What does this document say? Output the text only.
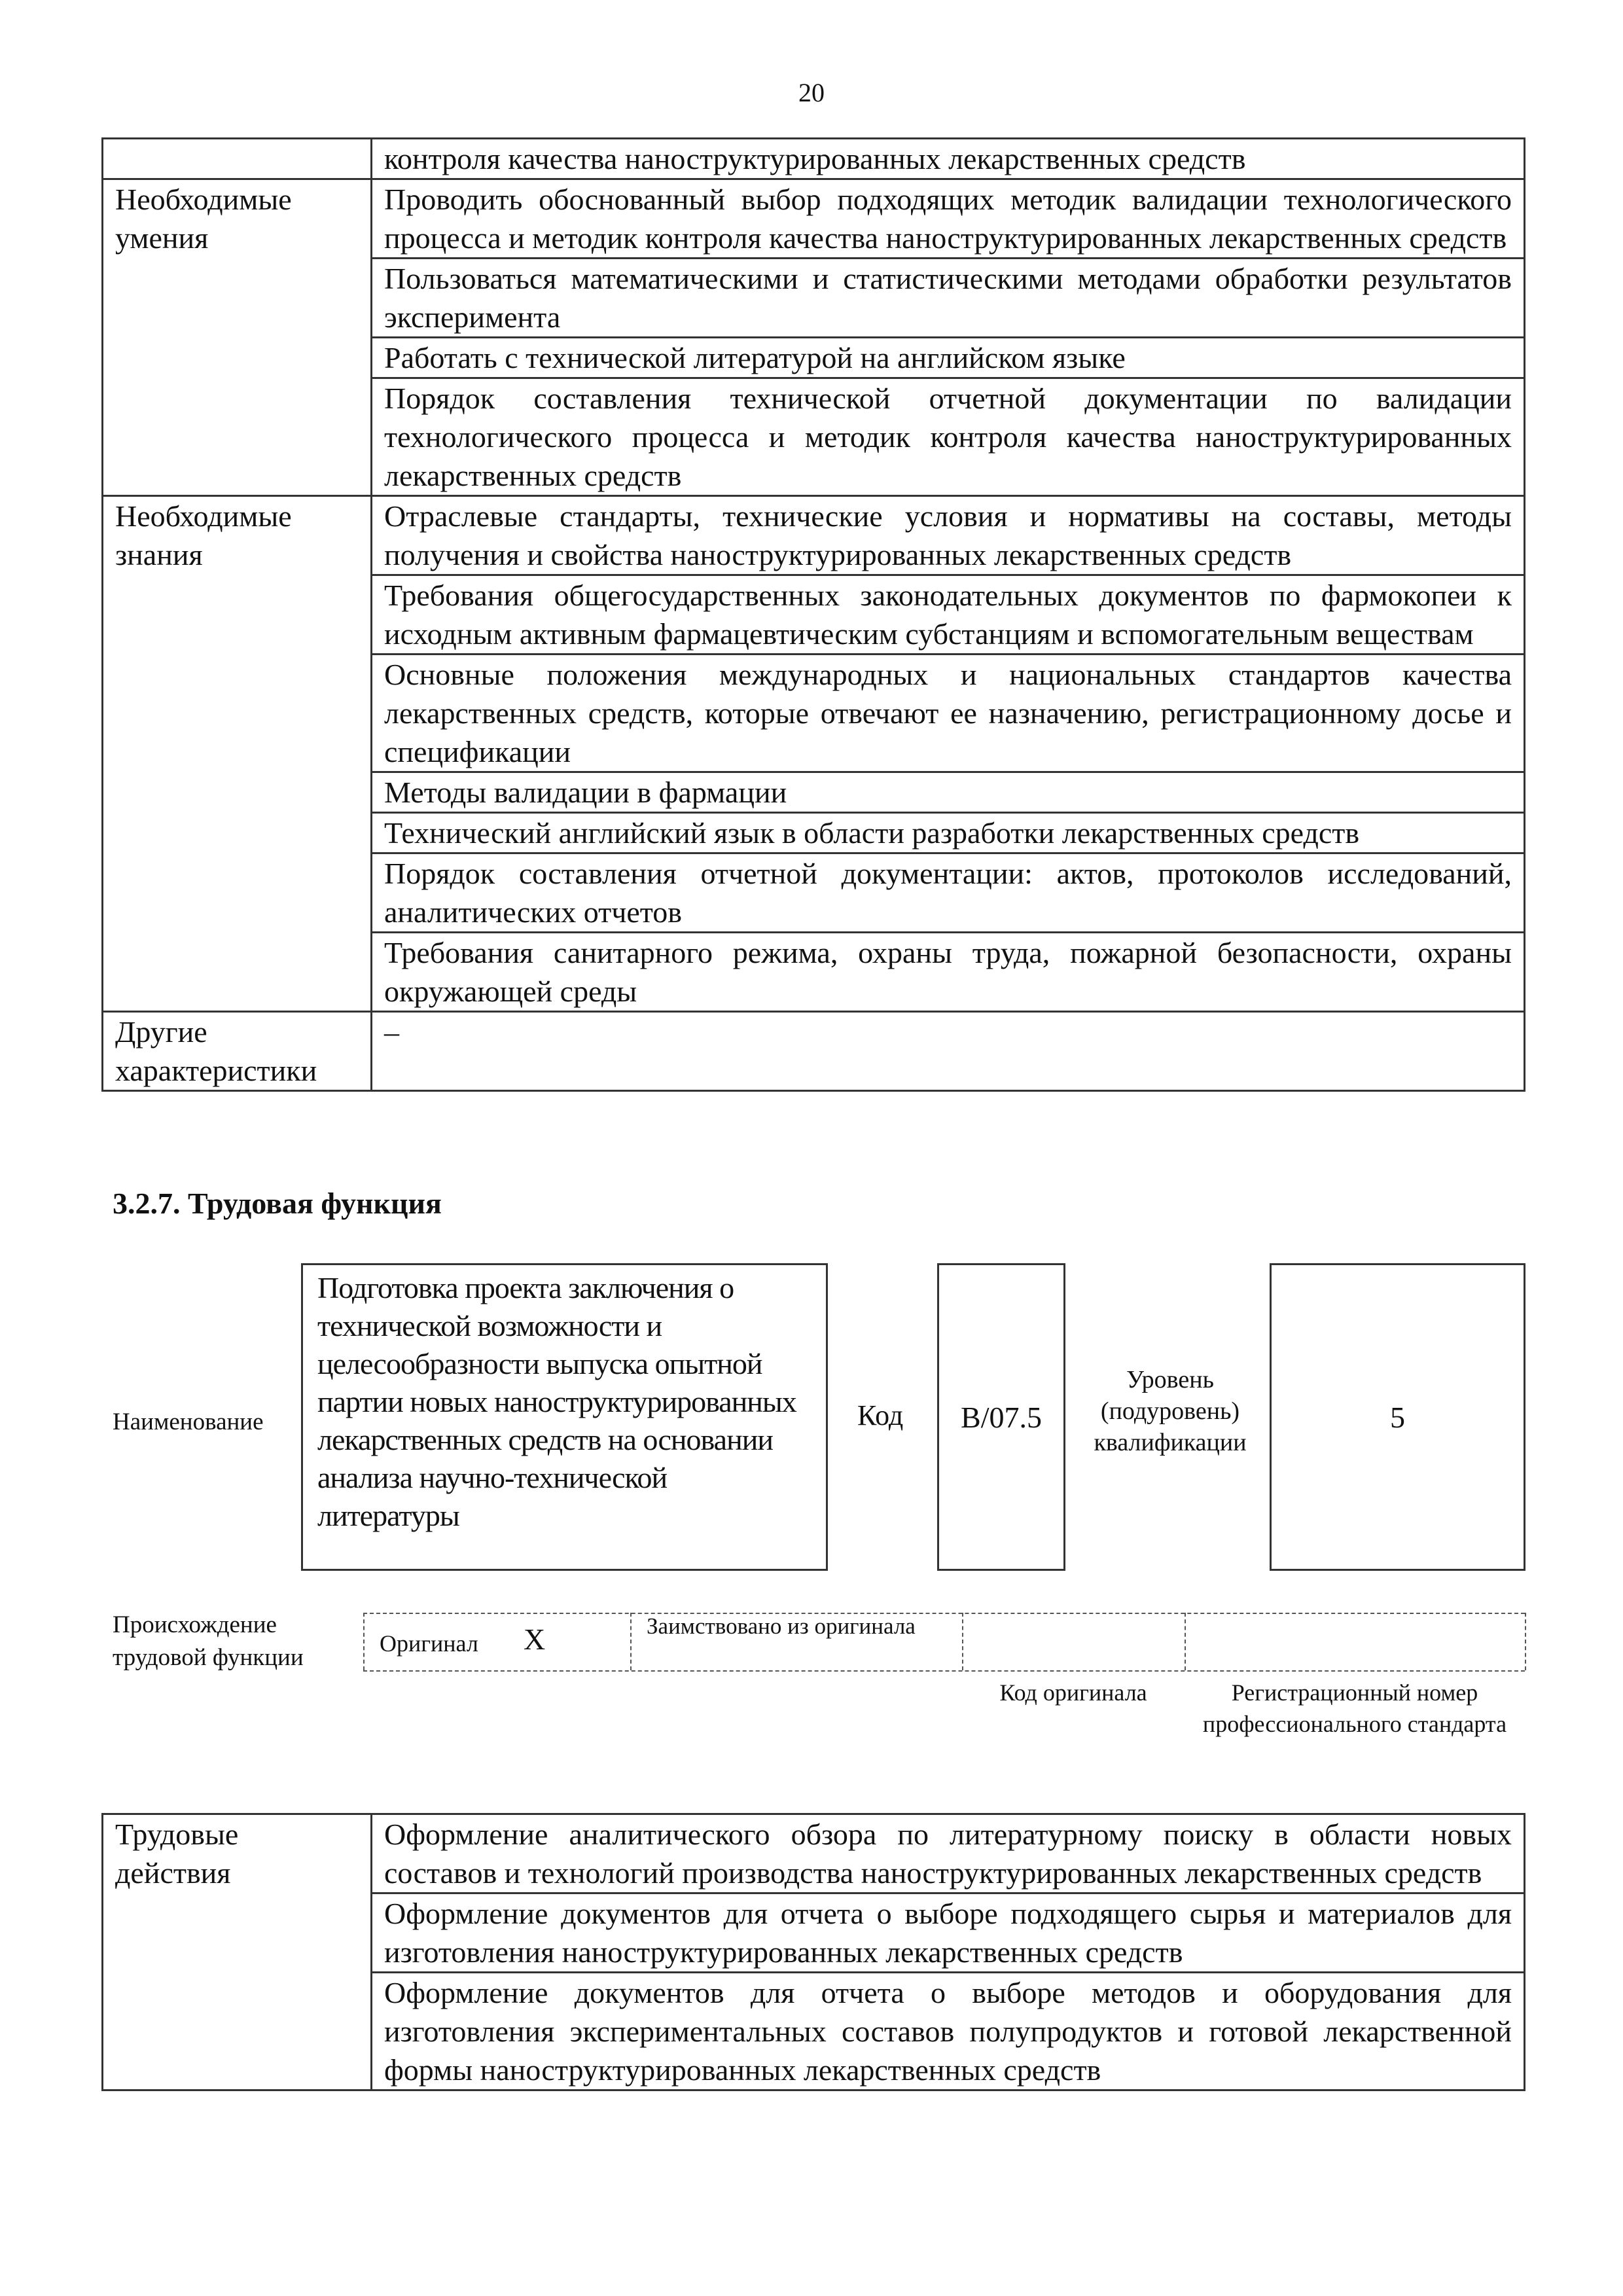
20
	контроля качества наноструктурированных лекарственных средств
Необходимые умения	Проводить обоснованный выбор подходящих методик валидации технологического процесса и методик контроля качества наноструктурированных лекарственных средств
	Пользоваться математическими и статистическими методами обработки результатов эксперимента
	Работать с технической литературой на английском языке
	Порядок составления технической отчетной документации по валидации технологического процесса и методик контроля качества наноструктурированных лекарственных средств
Необходимые знания	Отраслевые стандарты, технические условия и нормативы на составы, методы получения и свойства наноструктурированных лекарственных средств
	Требования общегосударственных законодательных документов по фармокопеи к исходным активным фармацевтическим субстанциям и вспомогательным веществам
	Основные положения международных и национальных стандартов качества лекарственных средств, которые отвечают ее назначению, регистрационному досье и спецификации
	Методы валидации в фармации
	Технический английский язык в области разработки лекарственных средств
	Порядок составления отчетной документации: актов, протоколов исследований, аналитических отчетов
	Требования санитарного режима, охраны труда, пожарной безопасности, охраны окружающей среды
Другие характеристики	–
3.2.7. Трудовая функция
Наименование
Подготовка проекта заключения о технической возможности и целесообразности выпуска опытной партии новых наноструктурированных лекарственных средств на основании анализа научно-технической литературы
Код	B/07.5
Уровень (подуровень) квалификации
5
Происхождение трудовой функции
Оригинал X	Заимствовано из оригинала
Код оригинала	Регистрационный номер профессионального стандарта
Трудовые действия	Оформление аналитического обзора по литературному поиску в области новых составов и технологий производства наноструктурированных лекарственных средств
Оформление документов для отчета о выборе подходящего сырья и материалов для изготовления наноструктурированных лекарственных средств
Оформление документов для отчета о выборе методов и оборудования для изготовления экспериментальных составов полупродуктов и готовой лекарственной формы наноструктурированных лекарственных средств
